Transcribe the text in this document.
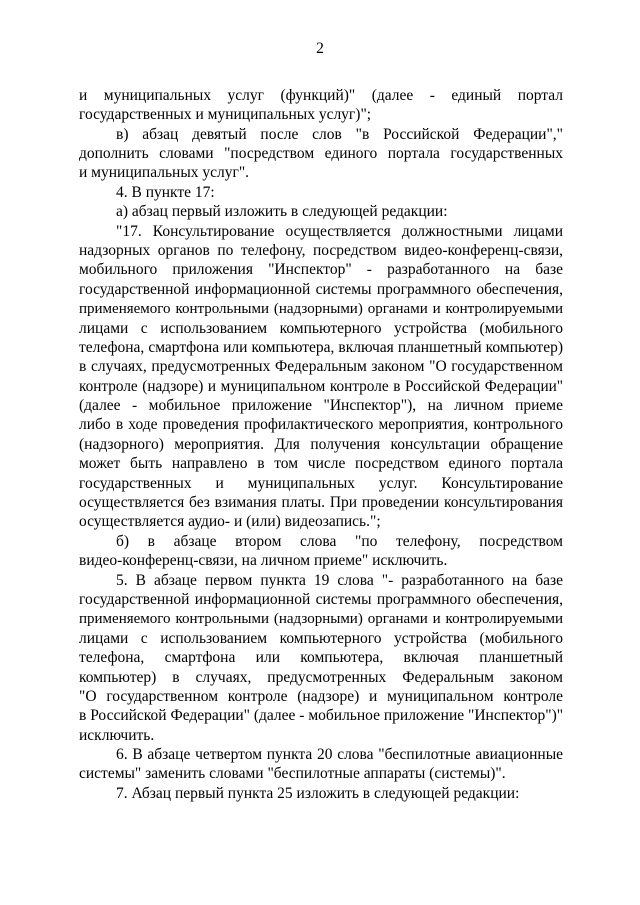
2
и муниципальных услуг (функций)" (далее - единый портал
государственных и муниципальных услуг)";
в) абзац девятый после слов "в Российской Федерации","
дополнить словами "посредством единого портала государственных
и муниципальных услуг".
4. В пункте 17:
а) абзац первый изложить в следующей редакции:
"17. Консультирование осуществляется должностными лицами
надзорных органов по телефону, посредством видео-конференц-связи,
мобильного приложения "Инспектор" - разработанного на базе
государственной информационной системы программного обеспечения,
применяемого контрольными (надзорными) органами и контролируемыми
лицами с использованием компьютерного устройства (мобильного
телефона, смартфона или компьютера, включая планшетный компьютер)
в случаях, предусмотренных Федеральным законом "О государственном
контроле (надзоре) и муниципальном контроле в Российской Федерации"
(далее - мобильное приложение "Инспектор"), на личном приеме
либо в ходе проведения профилактического мероприятия, контрольного
(надзорного) мероприятия. Для получения консультации обращение
может быть направлено в том числе посредством единого портала
государственных и муниципальных услуг. Консультирование
осуществляется без взимания платы. При проведении консультирования
осуществляется аудио- и (или) видеозапись.";
б) в абзаце втором слова "по телефону, посредством
видео-конференц-связи, на личном приеме" исключить.
5. В абзаце первом пункта 19 слова "- разработанного на базе
государственной информационной системы программного обеспечения,
применяемого контрольными (надзорными) органами и контролируемыми
лицами с использованием компьютерного устройства (мобильного
телефона, смартфона или компьютера, включая планшетный
компьютер) в случаях, предусмотренных Федеральным законом
"О государственном контроле (надзоре) и муниципальном контроле
в Российской Федерации" (далее - мобильное приложение "Инспектор")"
исключить.
6. В абзаце четвертом пункта 20 слова "беспилотные авиационные
системы" заменить словами "беспилотные аппараты (системы)".
7. Абзац первый пункта 25 изложить в следующей редакции:
